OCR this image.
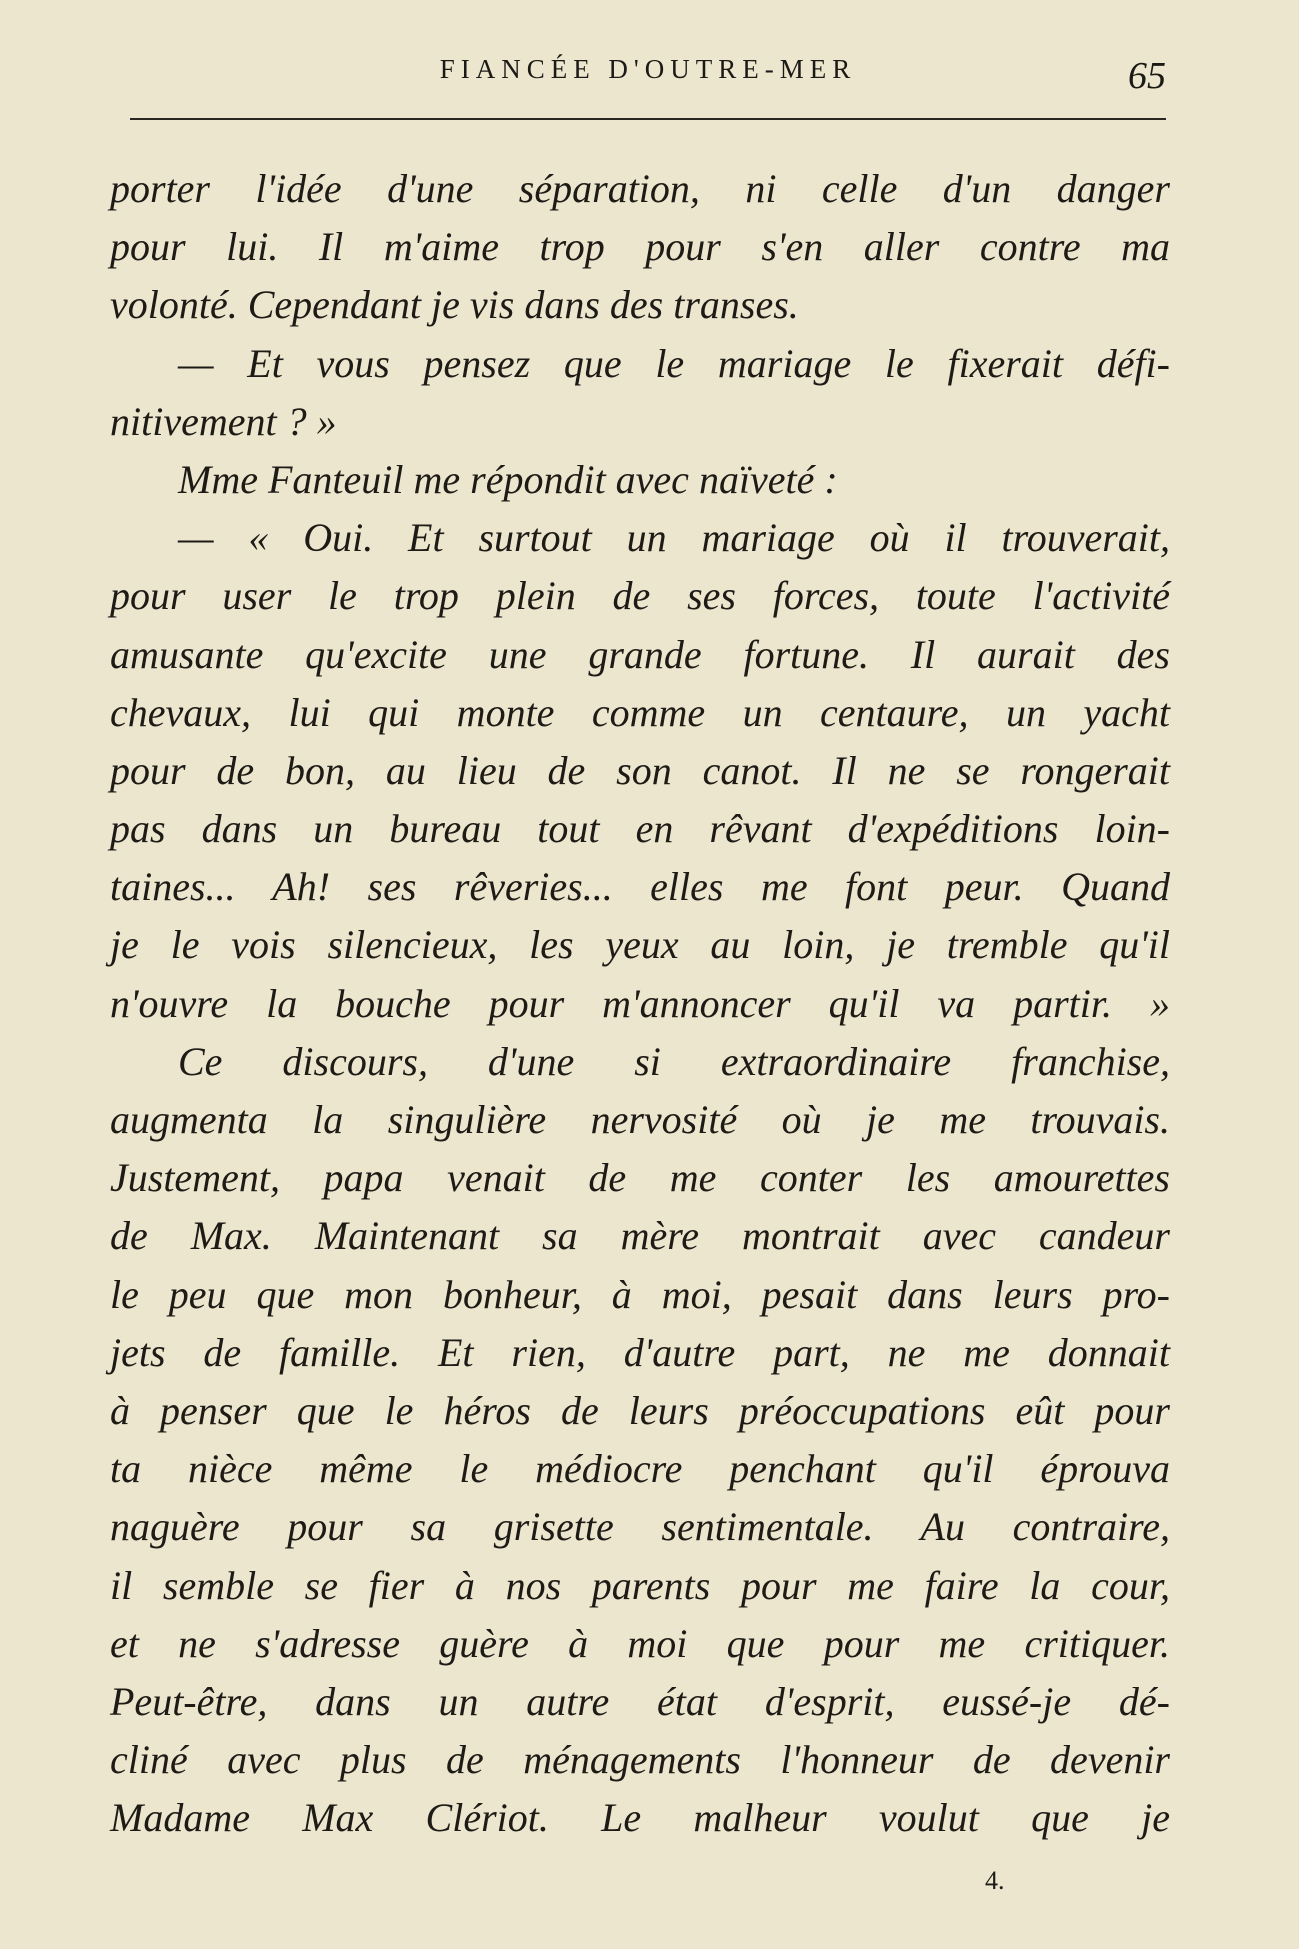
FIANCÉE D'OUTRE-MER	65
porter l'idée d'une séparation, ni celle d'un danger
pour lui. Il m'aime trop pour s'en aller contre ma
volonté. Cependant je vis dans des transes.
— Et vous pensez que le mariage le fixerait défi-
nitivement ? »
Mme Fanteuil me répondit avec naïveté :
— « Oui. Et surtout un mariage où il trouverait,
pour user le trop plein de ses forces, toute l'activité
amusante qu'excite une grande fortune. Il aurait des
chevaux, lui qui monte comme un centaure, un yacht
pour de bon, au lieu de son canot. Il ne se rongerait
pas dans un bureau tout en rêvant d'expéditions loin-
taines... Ah! ses rêveries... elles me font peur. Quand
je le vois silencieux, les yeux au loin, je tremble qu'il
n'ouvre la bouche pour m'annoncer qu'il va partir. »
Ce discours, d'une si extraordinaire franchise,
augmenta la singulière nervosité où je me trouvais.
Justement, papa venait de me conter les amourettes
de Max. Maintenant sa mère montrait avec candeur
le peu que mon bonheur, à moi, pesait dans leurs pro-
jets de famille. Et rien, d'autre part, ne me donnait
à penser que le héros de leurs préoccupations eût pour
ta nièce même le médiocre penchant qu'il éprouva
naguère pour sa grisette sentimentale. Au contraire,
il semble se fier à nos parents pour me faire la cour,
et ne s'adresse guère à moi que pour me critiquer.
Peut-être, dans un autre état d'esprit, eussé-je dé-
cliné avec plus de ménagements l'honneur de devenir
Madame Max Clériot. Le malheur voulut que je
4.
